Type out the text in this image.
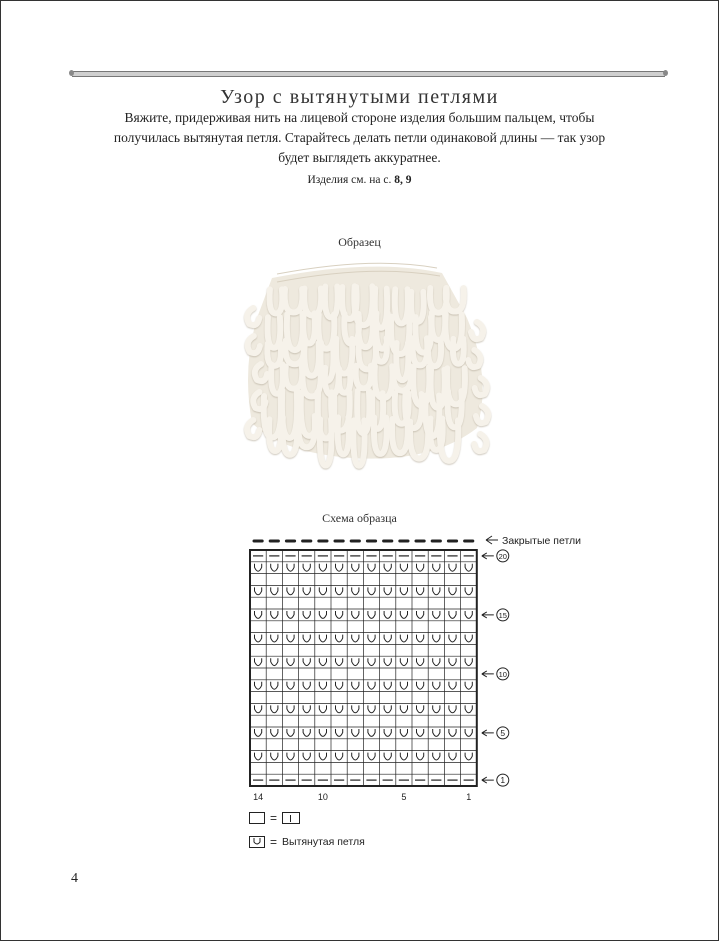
Узор с вытянутыми петлями
Вяжите, придерживая нить на лицевой стороне изделия большим пальцем, чтобы получилась вытянутая петля. Старайтесь делать петли одинаковой длины — так узор будет выглядеть аккуратнее.
Изделия см. на с. 8, 9
Образец
Схема образца
Закрытые петли
1
5
10
15
20
14	10	5	1
=
= Вытянутая петля
4
